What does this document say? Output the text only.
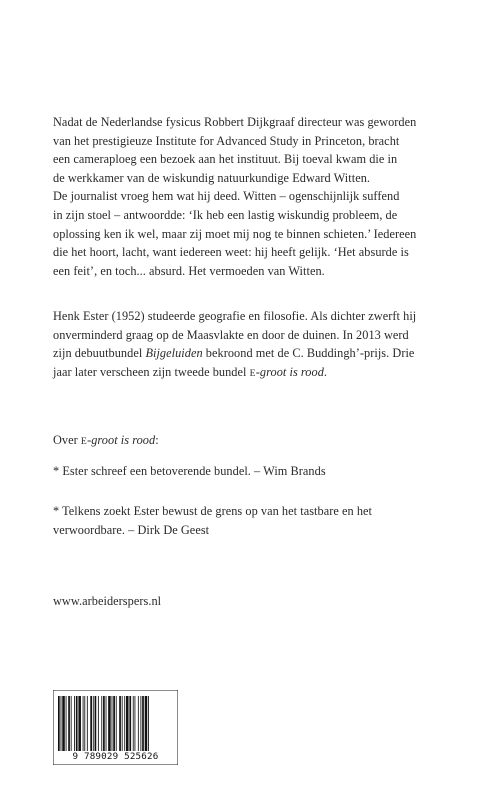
Nadat de Nederlandse fysicus Robbert Dijkgraaf directeur was geworden

van het prestigieuze Institute for Advanced Study in Princeton, bracht

een cameraploeg een bezoek aan het instituut. Bij toeval kwam die in

de werkkamer van de wiskundig natuurkundige Edward Witten.

De journalist vroeg hem wat hij deed. Witten – ogenschijnlijk suffend

in zijn stoel – antwoordde: ‘Ik heb een lastig wiskundig probleem, de

oplossing ken ik wel, maar zij moet mij nog te binnen schieten.’ Iedereen

die het hoort, lacht, want iedereen weet: hij heeft gelijk. ‘Het absurde is

een feit’, en toch... absurd. Het vermoeden van Witten.

Henk Ester (1952) studeerde geografie en filosofie. Als dichter zwerft hij

onverminderd graag op de Maasvlakte en door de duinen. In 2013 werd

zijn debuutbundel Bijgeluiden bekroond met de C. Buddingh’-prijs. Drie

jaar later verscheen zijn tweede bundel E-groot is rood.

Over E-groot is rood:

* Ester schreef een betoverende bundel. – Wim Brands

* Telkens zoekt Ester bewust de grens op van het tastbare en het

verwoordbare. – Dirk De Geest

www.arbeiderspers.nl

9 789029 525626
